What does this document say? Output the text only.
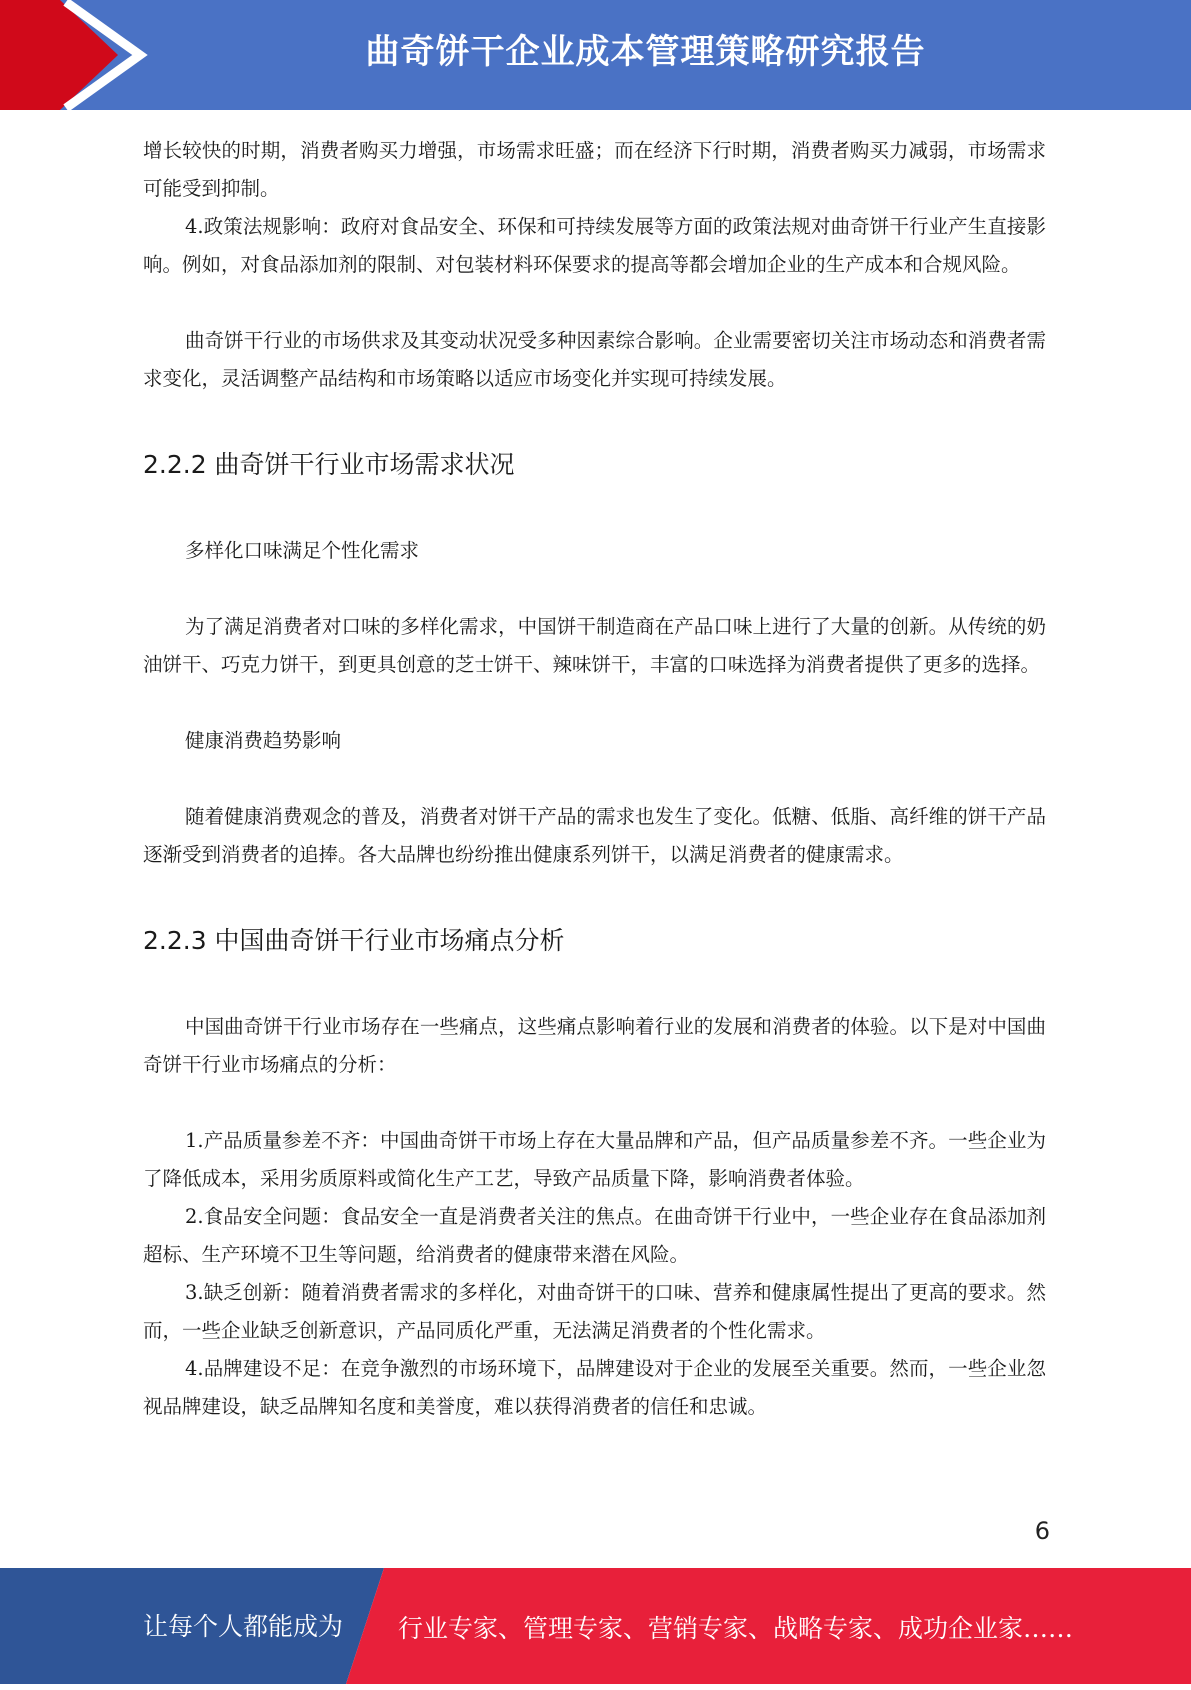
曲奇饼干企业成本管理策略研究报告

增长较快的时期，消费者购买力增强，市场需求旺盛；而在经济下行时期，消费者购买力减弱，市场需求可能受到抑制。

4.政策法规影响：政府对食品安全、环保和可持续发展等方面的政策法规对曲奇饼干行业产生直接影响。例如，对食品添加剂的限制、对包装材料环保要求的提高等都会增加企业的生产成本和合规风险。

曲奇饼干行业的市场供求及其变动状况受多种因素综合影响。企业需要密切关注市场动态和消费者需求变化，灵活调整产品结构和市场策略以适应市场变化并实现可持续发展。

2.2.2 曲奇饼干行业市场需求状况

多样化口味满足个性化需求

为了满足消费者对口味的多样化需求，中国饼干制造商在产品口味上进行了大量的创新。从传统的奶油饼干、巧克力饼干，到更具创意的芝士饼干、辣味饼干，丰富的口味选择为消费者提供了更多的选择。

健康消费趋势影响

随着健康消费观念的普及，消费者对饼干产品的需求也发生了变化。低糖、低脂、高纤维的饼干产品逐渐受到消费者的追捧。各大品牌也纷纷推出健康系列饼干，以满足消费者的健康需求。

2.2.3 中国曲奇饼干行业市场痛点分析

中国曲奇饼干行业市场存在一些痛点，这些痛点影响着行业的发展和消费者的体验。以下是对中国曲奇饼干行业市场痛点的分析：

1.产品质量参差不齐：中国曲奇饼干市场上存在大量品牌和产品，但产品质量参差不齐。一些企业为了降低成本，采用劣质原料或简化生产工艺，导致产品质量下降，影响消费者体验。

2.食品安全问题：食品安全一直是消费者关注的焦点。在曲奇饼干行业中，一些企业存在食品添加剂超标、生产环境不卫生等问题，给消费者的健康带来潜在风险。

3.缺乏创新：随着消费者需求的多样化，对曲奇饼干的口味、营养和健康属性提出了更高的要求。然而，一些企业缺乏创新意识，产品同质化严重，无法满足消费者的个性化需求。

4.品牌建设不足：在竞争激烈的市场环境下，品牌建设对于企业的发展至关重要。然而，一些企业忽视品牌建设，缺乏品牌知名度和美誉度，难以获得消费者的信任和忠诚。

6
让每个人都能成为 行业专家、管理专家、营销专家、战略专家、成功企业家……
